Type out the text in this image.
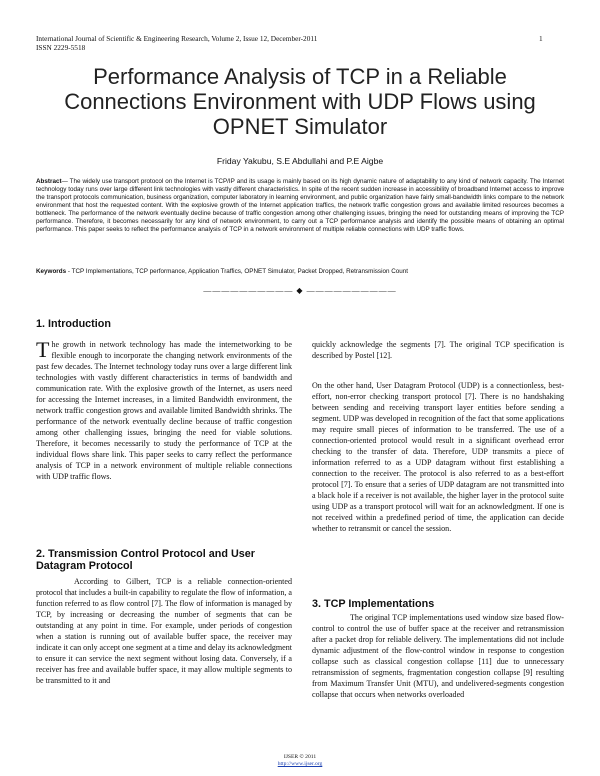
International Journal of Scientific & Engineering Research, Volume 2, Issue 12, December-2011
ISSN 2229-5518
1
Performance Analysis of TCP in a Reliable Connections Environment with UDP Flows using OPNET Simulator
Friday Yakubu, S.E Abdullahi and P.E Aigbe

Abstract— The widely use transport protocol on the Internet is TCP/IP and its usage is mainly based on its high dynamic nature of adaptability to any kind of network capacity. The Internet technology today runs over large different link technologies with vastly different characteristics. In spite of the recent sudden increase in accessibility of broadband Internet access to improve the transport protocols communication, business organization, computer laboratory in learning environment, and public organization have fairly small-bandwidth links compare to the network environment that host the requested content. With the explosive growth of the Internet application traffics, the network traffic congestion grows and available limited resources becomes a bottleneck. The performance of the network eventually decline because of traffic congestion among other challenging issues, bringing the need for outstanding means of improving the TCP performance. Therefore, it becomes necessarily for any kind of network environment, to carry out a TCP performance analysis and identify the possible means of obtaining an optimal performance. This paper seeks to reflect the performance analysis of TCP in a network environment of multiple reliable connections with UDP traffic flows.

Keywords - TCP Implementations, TCP performance, Application Traffics, OPNET Simulator, Packet Dropped, Retransmission Count

—————————— ◆ ——————————
1. Introduction

The growth in network technology has made the internetworking to be flexible enough to incorporate the changing network environments of the past few decades. The Internet technology today runs over a large different link technologies with vastly different characteristics in terms of bandwidth and communication rate. With the explosive growth of the Internet, as users need for accessing the Internet increases, in a limited Bandwidth environment, the network traffic congestion grows and available limited Bandwidth shrinks. The performance of the network eventually decline because of traffic congestion among other challenging issues, bringing the need for viable solutions. Therefore, it becomes necessarily to study the performance of TCP at the individual flows share link. This paper seeks to carry reflect the performance analysis of TCP in a network environment of multiple reliable connections with UDP traffic flows.

2. Transmission Control Protocol and User Datagram Protocol

According to Gilbert, TCP is a reliable connection-oriented protocol that includes a built-in capability to regulate the flow of information, a function referred to as flow control [7]. The flow of information is managed by TCP, by increasing or decreasing the number of segments that can be outstanding at any point in time. For example, under periods of congestion when a station is running out of available buffer space, the receiver may indicate it can only accept one segment at a time and delay its acknowledgment to ensure it can service the next segment without losing data. Conversely, if a receiver has free and available buffer space, it may allow multiple segments to be transmitted to it and

quickly acknowledge the segments [7]. The original TCP specification is described by Postel [12].

On the other hand, User Datagram Protocol (UDP) is a connectionless, best-effort, non-error checking transport protocol [7]. There is no handshaking between sending and receiving transport layer entities before sending a segment. UDP was developed in recognition of the fact that some applications may require small pieces of information to be transferred. The use of a connection-oriented protocol would result in a significant overhead error checking to the transfer of data. Therefore, UDP transmits a piece of information referred to as a UDP datagram without first establishing a connection to the receiver. The protocol is also referred to as a best-effort protocol [7]. To ensure that a series of UDP datagram are not transmitted into a black hole if a receiver is not available, the higher layer in the protocol suite using UDP as a transport protocol will wait for an acknowledgment. If one is not received within a predefined period of time, the application can decide whether to retransmit or cancel the session.

3. TCP Implementations

The original TCP implementations used window size based flow-control to control the use of buffer space at the receiver and retransmission after a packet drop for reliable delivery. The implementations did not include dynamic adjustment of the flow-control window in response to congestion collapse such as classical congestion collapse [11] due to unnecessary retransmission of segments, fragmentation congestion collapse [9] resulting from Maximum Transfer Unit (MTU), and undelivered-segments congestion collapse that occurs when networks overloaded

IJSER © 2011
http://www.ijser.org
